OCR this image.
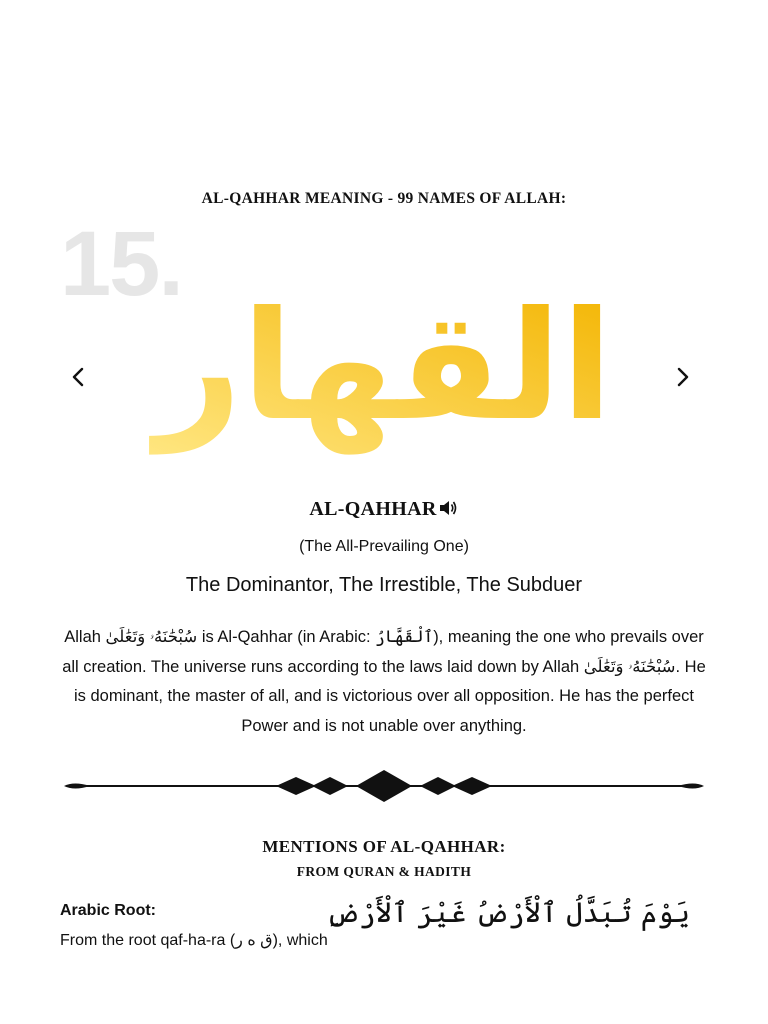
AL-QAHHAR MEANING - 99 NAMES OF ALLAH:
15.
القهار
AL-QAHHAR
(The All-Prevailing One)
The Dominantor, The Irrestible, The Subduer
Allah سُبْحَٰنَهُۥ وَتَعَٰلَىٰ is Al-Qahhar (in Arabic: ٱلْقَهَّارُ), meaning the one who prevails over all creation. The universe runs according to the laws laid down by Allah سُبْحَٰنَهُۥ وَتَعَٰلَىٰ. He is dominant, the master of all, and is victorious over all opposition. He has the perfect Power and is not unable over anything.
MENTIONS OF AL-QAHHAR:
FROM QURAN & HADITH
Arabic Root:
From the root qaf-ha-ra (ق ه ر), which
يَوْمَ تُبَدَّلُ ٱلْأَرْضُ غَيْرَ ٱلْأَرْضِ
